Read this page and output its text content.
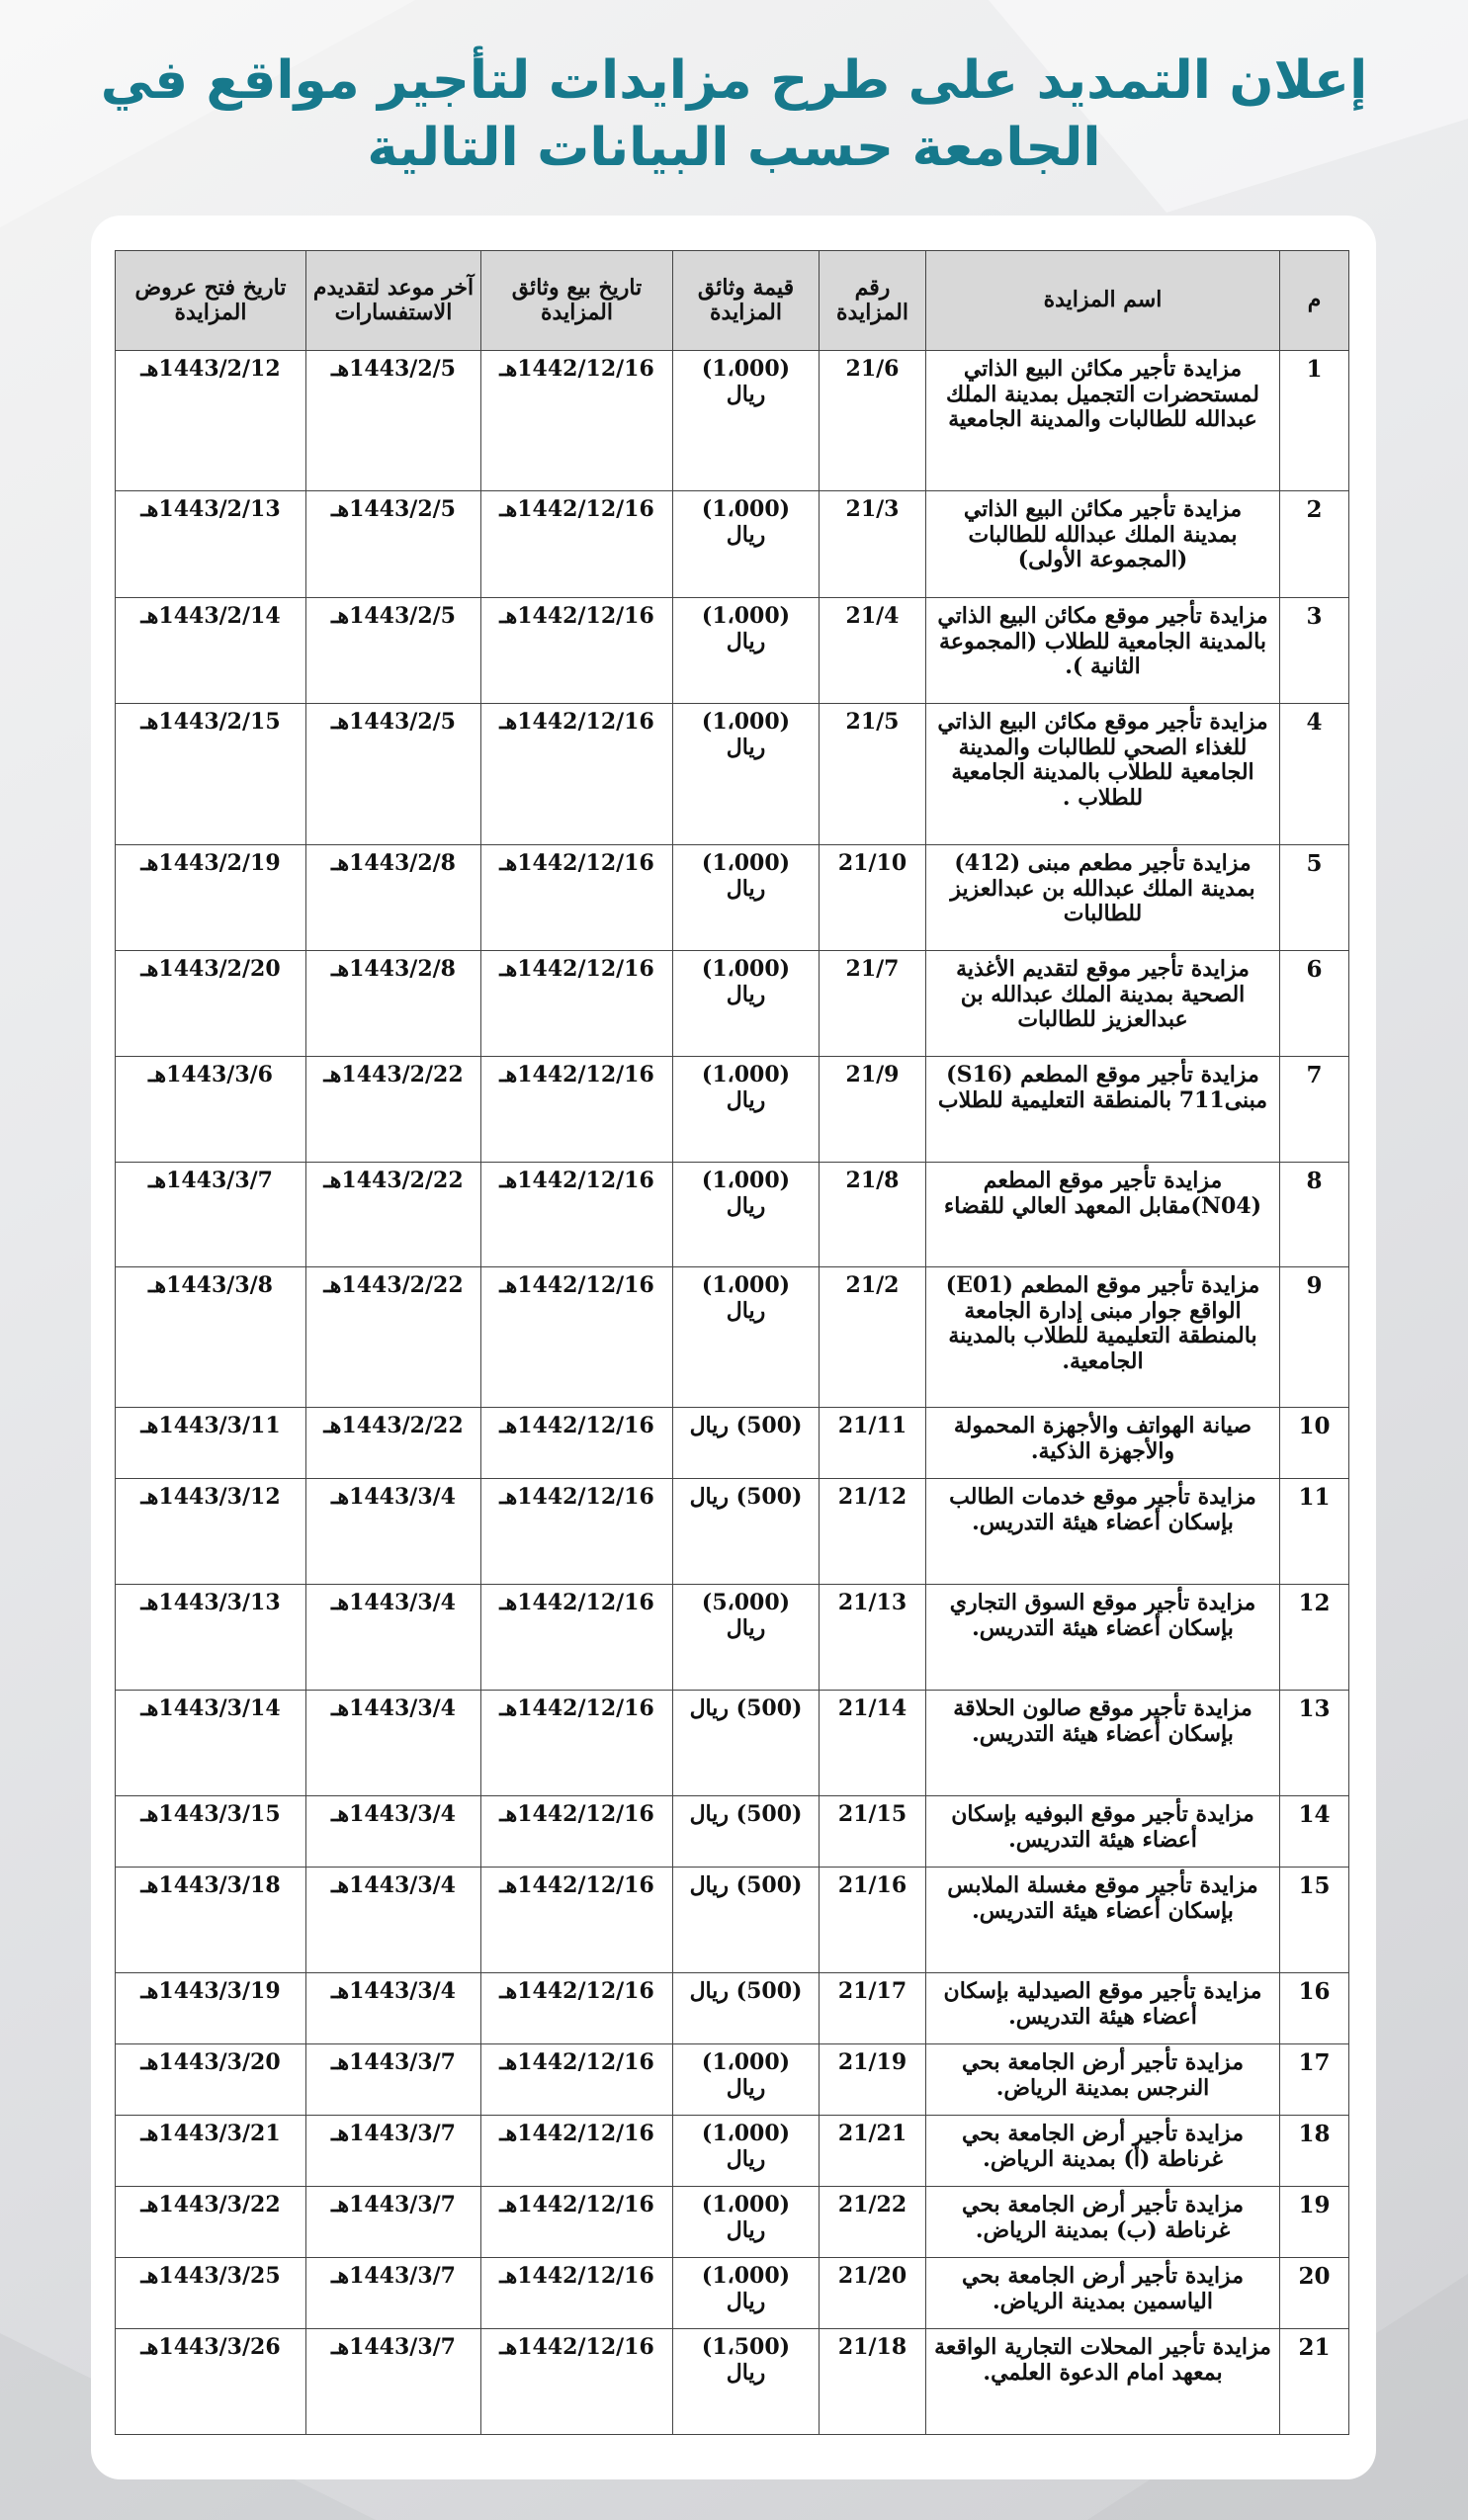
إعلان التمديد على طرح مزايدات لتأجير مواقع في
الجامعة حسب البيانات التالية
م	اسم المزايدة	رقم المزايدة	قيمة وثائق المزايدة	تاريخ بيع وثائق المزايدة	آخر موعد لتقديدم الاستفسارات	تاريخ فتح عروض المزايدة
1	مزايدة تأجير مكائن البيع الذاتي لمستحضرات التجميل بمدينة الملك عبدالله للطالبات والمدينة الجامعية	21/6	(1،000) ريال	1442/12/16هـ	1443/2/5هـ	1443/2/12هـ
2	مزايدة تأجير مكائن البيع الذاتي بمدينة الملك عبدالله للطالبات (المجموعة الأولى)	21/3	(1،000) ريال	1442/12/16هـ	1443/2/5هـ	1443/2/13هـ
3	مزايدة تأجير موقع مكائن البيع الذاتي بالمدينة الجامعية للطلاب (المجموعة الثانية ).	21/4	(1،000) ريال	1442/12/16هـ	1443/2/5هـ	1443/2/14هـ
4	مزايدة تأجير موقع مكائن البيع الذاتي للغذاء الصحي للطالبات والمدينة الجامعية للطلاب بالمدينة الجامعية للطلاب .	21/5	(1،000) ريال	1442/12/16هـ	1443/2/5هـ	1443/2/15هـ
5	مزايدة تأجير مطعم مبنى (412) بمدينة الملك عبدالله بن عبدالعزيز للطالبات	21/10	(1،000) ريال	1442/12/16هـ	1443/2/8هـ	1443/2/19هـ
6	مزايدة تأجير موقع لتقديم الأغذية الصحية بمدينة الملك عبدالله بن عبدالعزيز للطالبات	21/7	(1،000) ريال	1442/12/16هـ	1443/2/8هـ	1443/2/20هـ
7	مزايدة تأجير موقع المطعم (S16) مبنى711 بالمنطقة التعليمية للطلاب	21/9	(1،000) ريال	1442/12/16هـ	1443/2/22هـ	1443/3/6هـ
8	مزايدة تأجير موقع المطعم (N04)مقابل المعهد العالي للقضاء	21/8	(1،000) ريال	1442/12/16هـ	1443/2/22هـ	1443/3/7هـ
9	مزايدة تأجير موقع المطعم (E01) الواقع جوار مبنى إدارة الجامعة بالمنطقة التعليمية للطلاب بالمدينة الجامعية.	21/2	(1،000) ريال	1442/12/16هـ	1443/2/22هـ	1443/3/8هـ
10	صيانة الهواتف والأجهزة المحمولة والأجهزة الذكية.	21/11	(500) ريال	1442/12/16هـ	1443/2/22هـ	1443/3/11هـ
11	مزايدة تأجير موقع خدمات الطالب بإسكان أعضاء هيئة التدريس.	21/12	(500) ريال	1442/12/16هـ	1443/3/4هـ	1443/3/12هـ
12	مزايدة تأجير موقع السوق التجاري بإسكان أعضاء هيئة التدريس.	21/13	(5،000) ريال	1442/12/16هـ	1443/3/4هـ	1443/3/13هـ
13	مزايدة تأجير موقع صالون الحلاقة بإسكان أعضاء هيئة التدريس.	21/14	(500) ريال	1442/12/16هـ	1443/3/4هـ	1443/3/14هـ
14	مزايدة تأجير موقع البوفيه بإسكان أعضاء هيئة التدريس.	21/15	(500) ريال	1442/12/16هـ	1443/3/4هـ	1443/3/15هـ
15	مزايدة تأجير موقع مغسلة الملابس بإسكان أعضاء هيئة التدريس.	21/16	(500) ريال	1442/12/16هـ	1443/3/4هـ	1443/3/18هـ
16	مزايدة تأجير موقع الصيدلية بإسكان أعضاء هيئة التدريس.	21/17	(500) ريال	1442/12/16هـ	1443/3/4هـ	1443/3/19هـ
17	مزايدة تأجير أرض الجامعة بحي النرجس بمدينة الرياض.	21/19	(1،000) ريال	1442/12/16هـ	1443/3/7هـ	1443/3/20هـ
18	مزايدة تأجير أرض الجامعة بحي غرناطة (أ) بمدينة الرياض.	21/21	(1،000) ريال	1442/12/16هـ	1443/3/7هـ	1443/3/21هـ
19	مزايدة تأجير أرض الجامعة بحي غرناطة (ب) بمدينة الرياض.	21/22	(1،000) ريال	1442/12/16هـ	1443/3/7هـ	1443/3/22هـ
20	مزايدة تأجير أرض الجامعة بحي الياسمين بمدينة الرياض.	21/20	(1،000) ريال	1442/12/16هـ	1443/3/7هـ	1443/3/25هـ
21	مزايدة تأجير المحلات التجارية الواقعة بمعهد امام الدعوة العلمي.	21/18	(1،500) ريال	1442/12/16هـ	1443/3/7هـ	1443/3/26هـ
